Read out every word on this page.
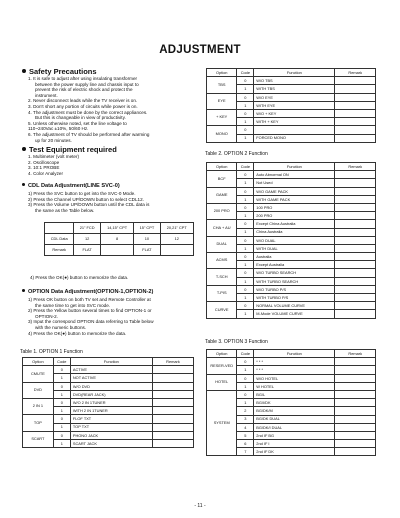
ADJUSTMENT
Safety Precautions
1. It is safe to adjust after using insulating transformer
between the power supply line and chassis input to
prevent the risk of electric shock and protect the
instrument.
2. Never disconnect leads while the TV receiver is on.
3. Don't short any portion of circuits while power is on.
4. The adjustment must be done by the correct appliances.
But this is changeable in view of productivity.
5. Unless otherwise noted, set the line voltage to
110~240Vac ±10%, 50/60 Hz.
6. The adjustment of TV should be performed after warming
up for 20 minutes.
Test Equipment required
1. Multimeter (volt meter)
2. Oscilloscope
3. 10:1 PROBE
4. Color Analyzer
CDL Data Adjustment(LINE SVC-0)
1) Press the SVC button to get into the SVC-0 Mode.
2) Press the Channel UP/DOWN button to select CDL12.
3) Press the Volume UP/DOWN button until the CDL data is
the same as the Table below.
	21" FCD	14,15" CPT	15" CPT	20,21" CPT
CDL Data	12	8	10	12
Remark	FLAT		FLAT	
4) Press the OK(●) button to memorize the data.
OPTION Data Adjustment(OPTION-1,OPTION-2)
1) Press OK button on both TV set and Remote Controller at
the same time to get into SVC mode.
2) Press the Yellow button several times to find OPTION-1 or
OPTION-2.
3) Input the correspond OPTION data referring to Table below
with the numeric buttons.
4) Press the OK(●) button to memorize the data.
Table 1. OPTION 1 Function
Option	Code	Function	Remark
CMUTE	0	ACTIVE	
	1	NOT ACTIVE	
DVD	0	W/O DVD	
	1	DVD(REAR JACK)	
2 IN 1	0	W/O 2 IN 1TUNER	
	1	WITH 2 IN 1TUNER	
TOP	0	FLOF TXT	
	1	TOP TXT	
SCART	0	PHONO JACK	
	1	SCART JACK	
Option	Code	Function	Remark
TBS	0	W/O TBS	
	1	WITH TBS	
EYE	0	W/O EYE	
	1	WITH EYE	
+ KEY	0	W/O + KEY	
	1	WITH + KEY	
MONO	0		
	1	FORCED MONO	
Table 2. OPTION 2 Function
Option	Code	Function	Remark
BCF	0	Auto Abnormal ON	
	1	Not Used	
GAME	0	W/O GAME PACK	
	1	WITH GAME PACK	
200 PRO	0	100 PRO	
	1	200 PRO	
CHA + AU	0	Except China Australia	
	1	China Australia	
DUAL	0	W/O DUAL	
	1	WITH DUAL	
ACMS	0	Australia	
	1	Except Australia	
T-SCH	0	W/O TURBO SEARCH	
	1	WITH TURBO SEARCH	
T-PIS	0	W/O TURBO P/S	
	1	WITH TURBO P/S	
CURVE	0	NORMAL VOLUME CURVE	
	1	M-Mode VOLUME CURVE	
Table 3. OPTION 3 Function
Option	Code	Function	Remark
RESER-VED	0	* * *	
	1	* * *	
HOTEL	0	W/O HOTEL	
	1	W HOTEL	
SYSTEM	0	BG/L	
	1	BG/I/DK	
	2	BG/DK/M	
	3	BG/DK DUAL	
	4	BG/DK/I DUAL	
	5	2nd IF BG	
	6	2nd IF I	
	7	2nd IF DK	
- 11 -
